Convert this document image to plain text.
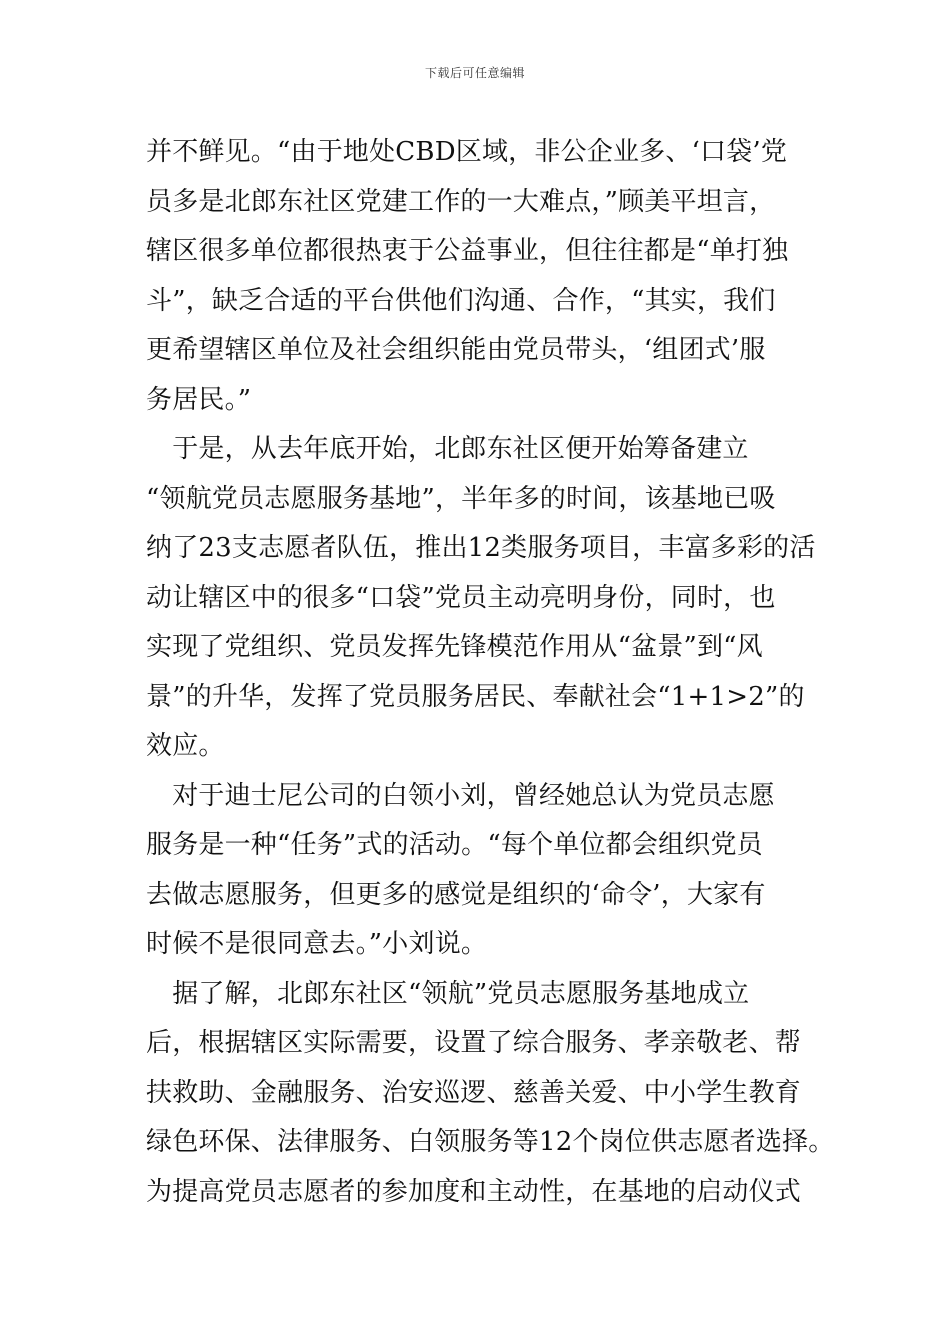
下载后可任意编辑
并不鲜见。“由于地处CBD区域，非公企业多、‘口袋’党
员多是北郎东社区党建工作的一大难点，”顾美平坦言，
辖区很多单位都很热衷于公益事业，但往往都是“单打独
斗”，缺乏合适的平台供他们沟通、合作，“其实，我们
更希望辖区单位及社会组织能由党员带头，‘组团式’服
务居民。”
　于是，从去年底开始，北郎东社区便开始筹备建立
“领航党员志愿服务基地”，半年多的时间，该基地已吸
纳了23支志愿者队伍，推出12类服务项目，丰富多彩的活
动让辖区中的很多“口袋”党员主动亮明身份，同时，也
实现了党组织、党员发挥先锋模范作用从“盆景”到“风
景”的升华，发挥了党员服务居民、奉献社会“1+1>2”的
效应。
　对于迪士尼公司的白领小刘，曾经她总认为党员志愿
服务是一种“任务”式的活动。“每个单位都会组织党员
去做志愿服务，但更多的感觉是组织的‘命令’，大家有
时候不是很同意去。”小刘说。
　据了解，北郎东社区“领航”党员志愿服务基地成立
后，根据辖区实际需要，设置了综合服务、孝亲敬老、帮
扶救助、金融服务、治安巡逻、慈善关爱、中小学生教育
绿色环保、法律服务、白领服务等12个岗位供志愿者选择。
为提高党员志愿者的参加度和主动性，在基地的启动仪式
